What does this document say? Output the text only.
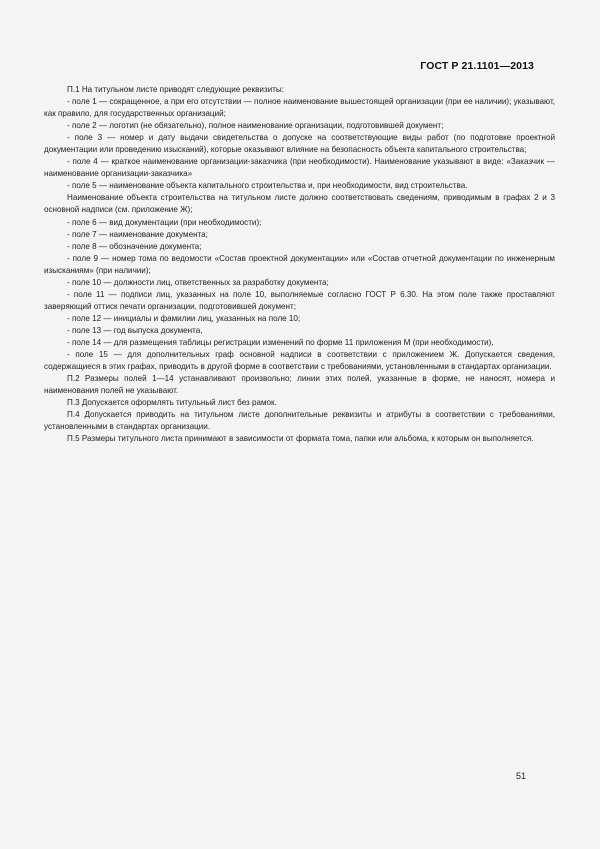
ГОСТ Р 21.1101—2013

П.1 На титульном листе приводят следующие реквизиты:

- поле 1 — сокращенное, а при его отсутствии — полное наименование вышестоящей организации (при ее наличии); указывают, как правило, для государственных организаций;

- поле 2 — логотип (не обязательно), полное наименование организации, подготовившей документ;

- поле 3 — номер и дату выдачи свидетельства о допуске на соответствующие виды работ (по подготовке проектной документации или проведению изысканий), которые оказывают влияние на безопасность объекта капитального строительства;

- поле 4 — краткое наименование организации-заказчика (при необходимости). Наименование указывают в виде: «Заказчик — наименование организации-заказчика»

- поле 5 — наименование объекта капитального строительства и, при необходимости, вид строительства.

Наименование объекта строительства на титульном листе должно соответствовать сведениям, приводимым в графах 2 и 3 основной надписи (см. приложение Ж);

- поле 6 — вид документации (при необходимости);

- поле 7 — наименование документа;

- поле 8 — обозначение документа;

- поле 9 — номер тома по ведомости «Состав проектной документации» или «Состав отчетной документации по инженерным изысканиям» (при наличии);

- поле 10 — должности лиц, ответственных за разработку документа;

- поле 11 — подписи лиц, указанных на поле 10, выполняемые согласно ГОСТ Р 6.30. На этом поле также проставляют заверяющий оттиск печати организации, подготовившей документ;

- поле 12 — инициалы и фамилии лиц, указанных на поле 10;

- поле 13 — год выпуска документа,

- поле 14 — для размещения таблицы регистрации изменений по форме 11 приложения М (при необходимости),

- поле 15 — для дополнительных граф основной надписи в соответствии с приложением Ж. Допускается сведения, содержащиеся в этих графах, приводить в другой форме в соответствии с требованиями, установленными в стандартах организации.

П.2 Размеры полей 1—14 устанавливают произвольно; линии этих полей, указанные в форме, не наносят, номера и наименования полей не указывают.

П.3 Допускается оформлять титульный лист без рамок.

П.4 Допускается приводить на титульном листе дополнительные реквизиты и атрибуты в соответствии с требованиями, установленными в стандартах организации.

П.5 Размеры титульного листа принимают в зависимости от формата тома, папки или альбома, к которым он выполняется.

51
